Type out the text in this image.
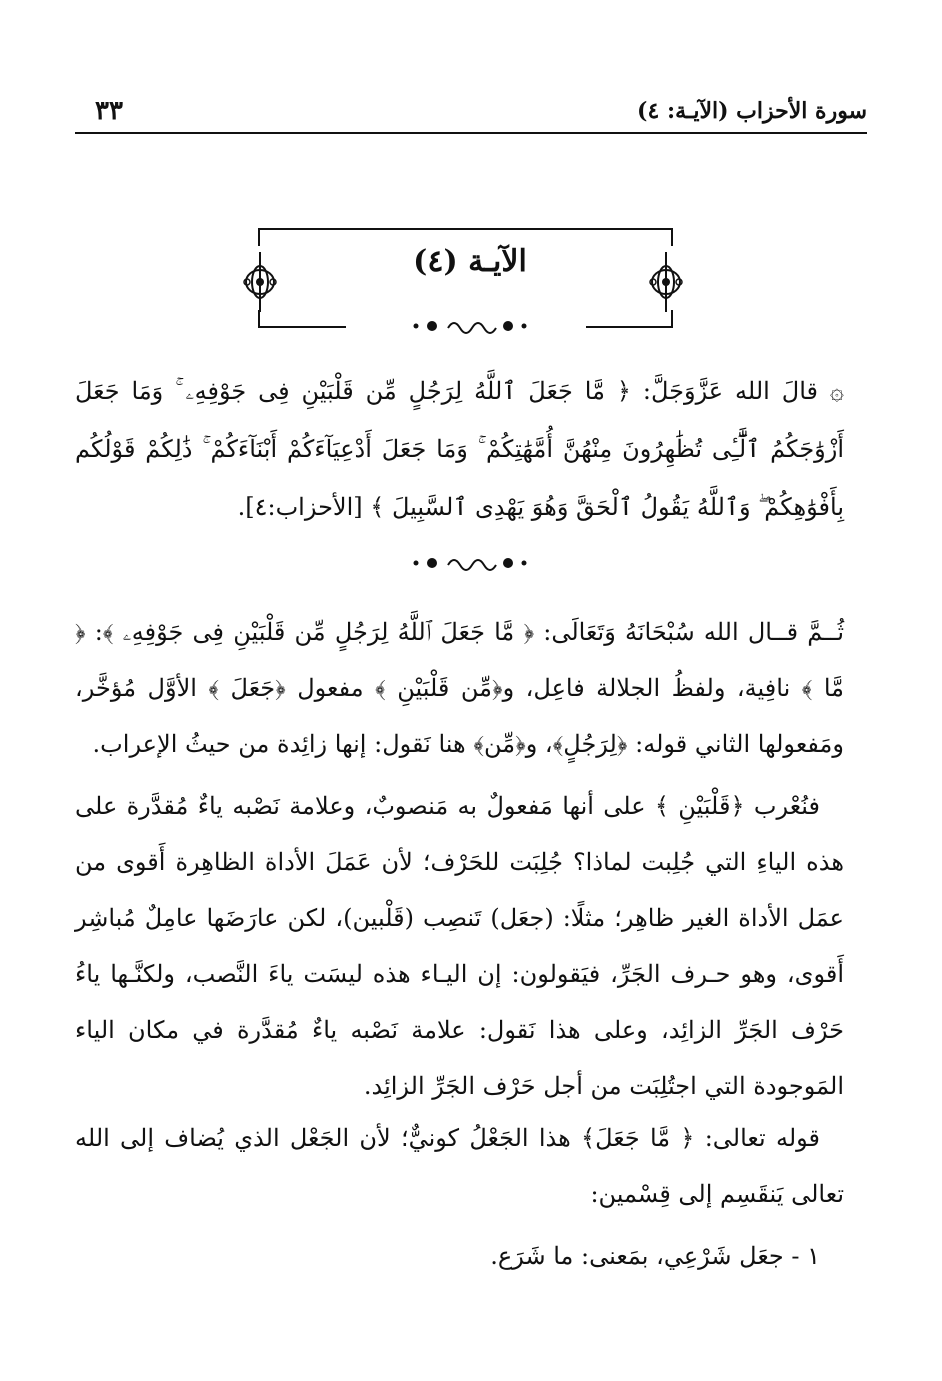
٣٣	سورة الأحزاب (الآيـة: ٤)
الآيـة (٤)

۞ قالَ الله عَزَّوَجَلَّ: ﴿ مَّا جَعَلَ ٱللَّهُ لِرَجُلٍ مِّن قَلْبَيْنِ فِى جَوْفِهِۦ ۚ وَمَا جَعَلَ أَزْوَٰجَكُمُ ٱلَّٰٓـِٔى تُظَٰهِرُونَ مِنْهُنَّ أُمَّهَٰتِكُمْ ۚ وَمَا جَعَلَ أَدْعِيَآءَكُمْ أَبْنَآءَكُمْ ۚ ذَٰلِكُمْ قَوْلُكُم بِأَفْوَٰهِكُمْ ۖ وَٱللَّهُ يَقُولُ ٱلْحَقَّ وَهُوَ يَهْدِى ٱلسَّبِيلَ ﴾ [الأحزاب:٤].

ثُــمَّ قــال الله سُبْحَانَهُ وَتَعَالَى: ﴿ مَّا جَعَلَ ٱللَّهُ لِرَجُلٍ مِّن قَلْبَيْنِ فِى جَوْفِهِۦ ﴾: ﴿ مَّا ﴾ نافِية، ولفظُ الجلالة فاعِل، و﴿مِّن قَلْبَيْنِ ﴾ مفعول ﴿جَعَلَ ﴾ الأوَّل مُؤخَّر، ومَفعولها الثاني قوله: ﴿لِرَجُلٍ﴾، و﴿مِّن﴾ هنا نَقول: إنها زائِدة من حيثُ الإعراب.

فنُعْرب ﴿قَلْبَيْنِ ﴾ على أنها مَفعولٌ به مَنصوبٌ، وعلامة نَصْبه ياءٌ مُقدَّرة على هذه الياءِ التي جُلِبت لماذا؟ جُلِبَت للحَرْف؛ لأن عَمَلَ الأداة الظاهِرة أَقوى من عمَل الأداة الغير ظاهِر؛ مثلًا: (جعَل) تَنصِب (قَلْبين)، لكن عارَضَها عامِلٌ مُباشِر أَقوى، وهو حـرف الجَرِّ، فيَقولون: إن اليـاء هذه ليسَت ياءَ النَّصب، ولكنَّـها ياءُ حَرْف الجَرِّ الزائِد، وعلى هذا نَقول: علامة نَصْبه ياءٌ مُقدَّرة في مكان الياء المَوجودة التي اجتُلِبَت من أجل حَرْف الجَرِّ الزائِد.

قوله تعالى: ﴿ مَّا جَعَلَ﴾ هذا الجَعْلُ كونيٌّ؛ لأن الجَعْل الذي يُضاف إلى الله تعالى يَنقَسِم إلى قِسْمين:

١ - جعَل شَرْعِي، بمَعنى: ما شَرَع.
